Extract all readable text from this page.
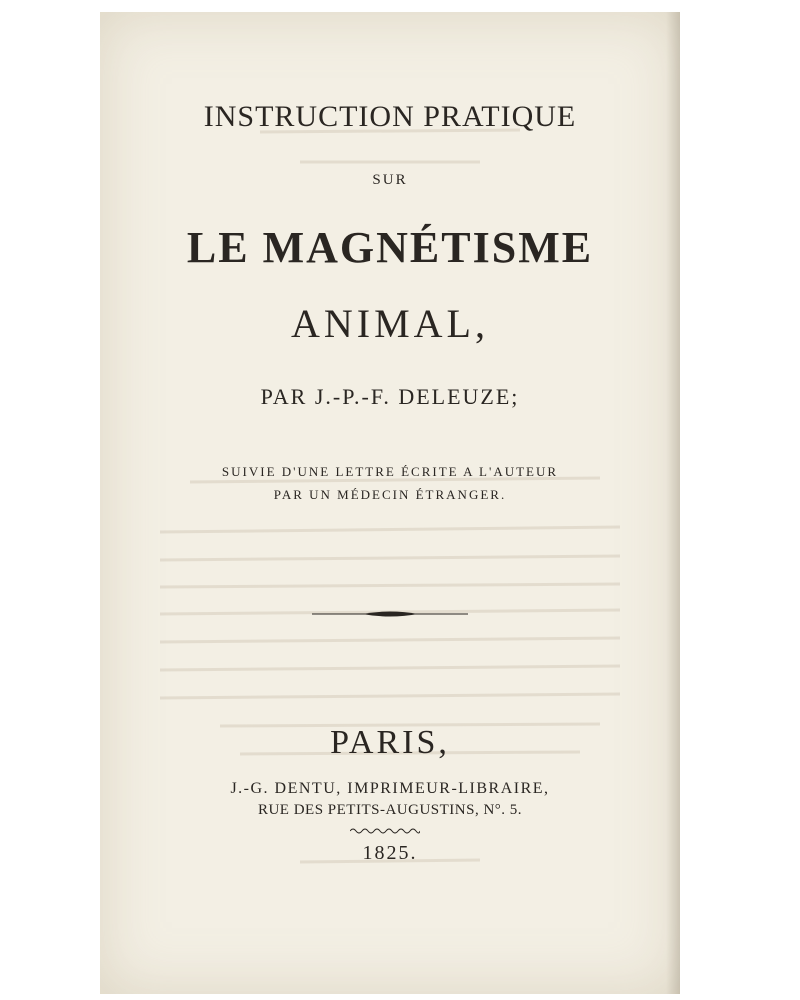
INSTRUCTION PRATIQUE
SUR
LE MAGNÉTISME
ANIMAL,
PAR J.-P.-F. DELEUZE;
SUIVIE D'UNE LETTRE ÉCRITE A L'AUTEUR
PAR UN MÉDECIN ÉTRANGER.
PARIS,
J.-G. DENTU, IMPRIMEUR-LIBRAIRE,
RUE DES PETITS-AUGUSTINS, N°. 5.
1825.
